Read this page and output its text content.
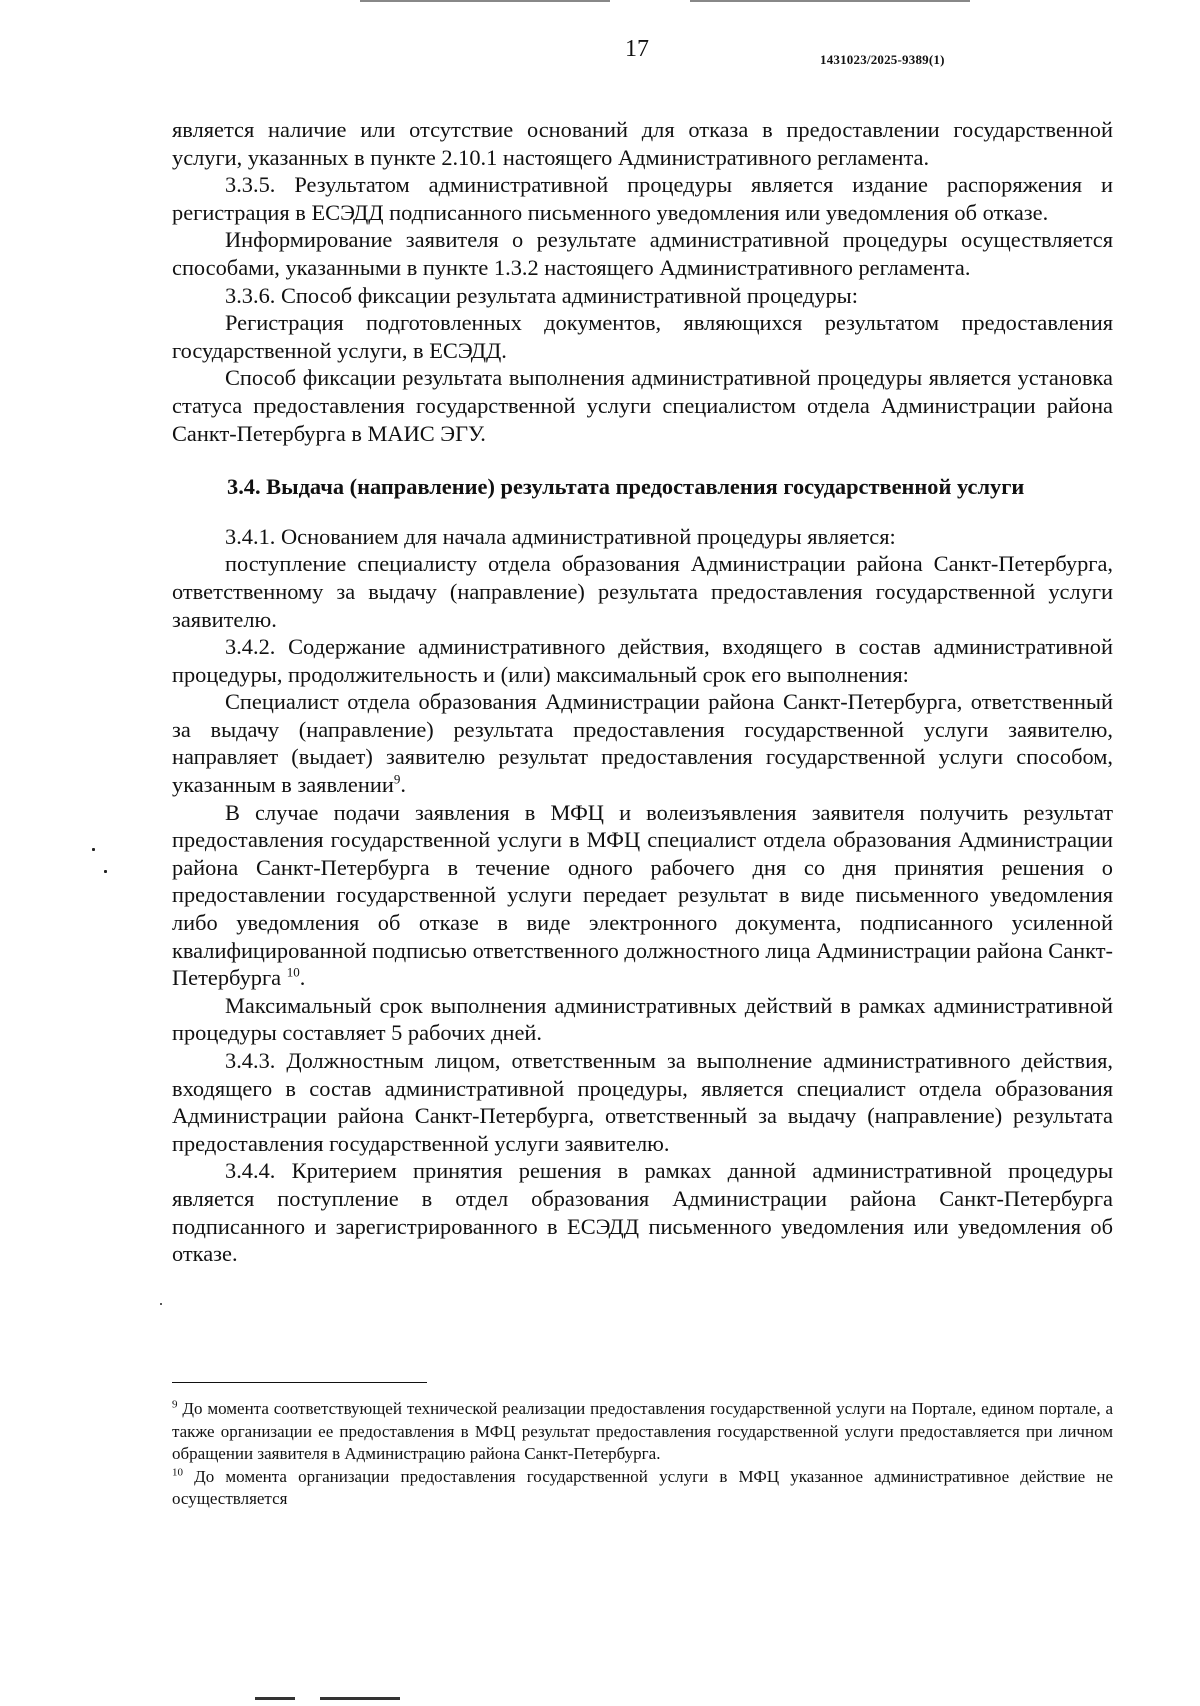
17	1431023/2025-9389(1)

является наличие или отсутствие оснований для отказа в предоставлении государственной услуги, указанных в пункте 2.10.1 настоящего Административного регламента.

3.3.5. Результатом административной процедуры является издание распоряжения и регистрация в ЕСЭДД подписанного письменного уведомления или уведомления об отказе.

Информирование заявителя о результате административной процедуры осуществляется способами, указанными в пункте 1.3.2 настоящего Административного регламента.

3.3.6. Способ фиксации результата административной процедуры:

Регистрация подготовленных документов, являющихся результатом предоставления государственной услуги, в ЕСЭДД.

Способ фиксации результата выполнения административной процедуры является установка статуса предоставления государственной услуги специалистом отдела Администрации района Санкт-Петербурга в МАИС ЭГУ.

3.4. Выдача (направление) результата предоставления государственной услуги

3.4.1. Основанием для начала административной процедуры является:

поступление специалисту отдела образования Администрации района Санкт-Петербурга, ответственному за выдачу (направление) результата предоставления государственной услуги заявителю.

3.4.2. Содержание административного действия, входящего в состав административной процедуры, продолжительность и (или) максимальный срок его выполнения:

Специалист отдела образования Администрации района Санкт-Петербурга, ответственный за выдачу (направление) результата предоставления государственной услуги заявителю, направляет (выдает) заявителю результат предоставления государственной услуги способом, указанным в заявлении$^9$.

В случае подачи заявления в МФЦ и волеизъявления заявителя получить результат предоставления государственной услуги в МФЦ специалист отдела образования Администрации района Санкт-Петербурга в течение одного рабочего дня со дня принятия решения о предоставлении государственной услуги передает результат в виде письменного уведомления либо уведомления об отказе в виде электронного документа, подписанного усиленной квалифицированной подписью ответственного должностного лица Администрации района Санкт-Петербурга $^{10}$.

Максимальный срок выполнения административных действий в рамках административной процедуры составляет 5 рабочих дней.

3.4.3. Должностным лицом, ответственным за выполнение административного действия, входящего в состав административной процедуры, является специалист отдела образования Администрации района Санкт-Петербурга, ответственный за выдачу (направление) результата предоставления государственной услуги заявителю.

3.4.4. Критерием принятия решения в рамках данной административной процедуры является поступление в отдел образования Администрации района Санкт-Петербурга подписанного и зарегистрированного в ЕСЭДД письменного уведомления или уведомления об отказе.

$^9$ До момента соответствующей технической реализации предоставления государственной услуги на Портале, едином портале, а также организации ее предоставления в МФЦ результат предоставления государственной услуги предоставляется при личном обращении заявителя в Администрацию района Санкт-Петербурга.

$^{10}$ До момента организации предоставления государственной услуги в МФЦ указанное административное действие не осуществляется
